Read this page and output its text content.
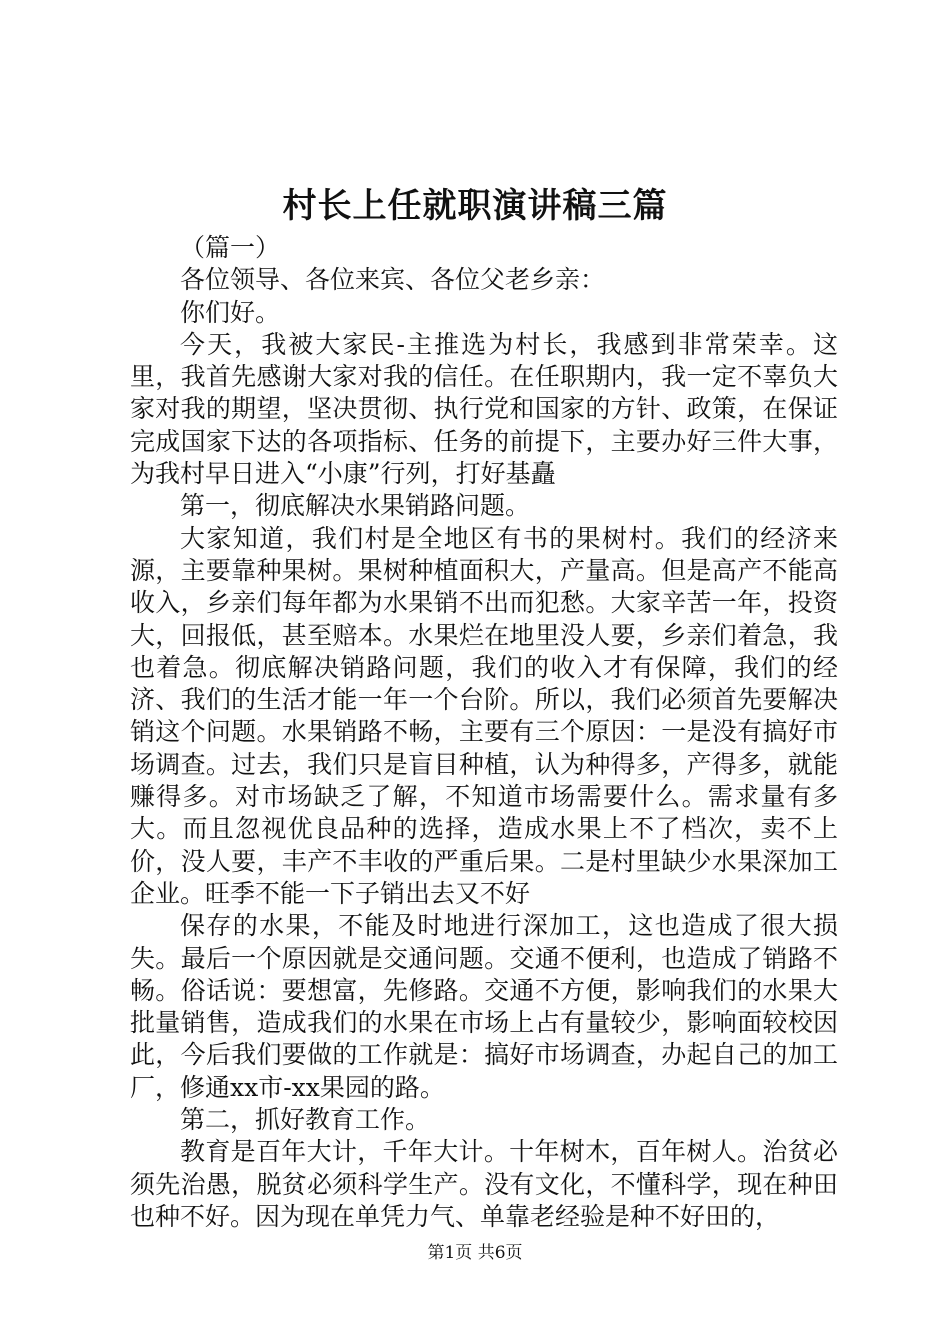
村长上任就职演讲稿三篇

（篇一）

各位领导、各位来宾、各位父老乡亲：

你们好。

今天，我被大家民-主推选为村长，我感到非常荣幸。这里，我首先感谢大家对我的信任。在任职期内，我一定不辜负大家对我的期望，坚决贯彻、执行党和国家的方针、政策，在保证完成国家下达的各项指标、任务的前提下，主要办好三件大事，为我村早日进入“小康”行列，打好基矗

第一，彻底解决水果销路问题。

大家知道，我们村是全地区有书的果树村。我们的经济来源，主要靠种果树。果树种植面积大，产量高。但是高产不能高收入，乡亲们每年都为水果销不出而犯愁。大家辛苦一年，投资大，回报低，甚至赔本。水果烂在地里没人要，乡亲们着急，我也着急。彻底解决销路问题，我们的收入才有保障，我们的经济、我们的生活才能一年一个台阶。所以，我们必须首先要解决销这个问题。水果销路不畅，主要有三个原因：一是没有搞好市场调查。过去，我们只是盲目种植，认为种得多，产得多，就能赚得多。对市场缺乏了解，不知道市场需要什么。需求量有多大。而且忽视优良品种的选择，造成水果上不了档次，卖不上价，没人要，丰产不丰收的严重后果。二是村里缺少水果深加工企业。旺季不能一下子销出去又不好

保存的水果，不能及时地进行深加工，这也造成了很大损失。最后一个原因就是交通问题。交通不便利，也造成了销路不畅。俗话说：要想富，先修路。交通不方便，影响我们的水果大批量销售，造成我们的水果在市场上占有量较少，影响面较校因此，今后我们要做的工作就是：搞好市场调查，办起自己的加工厂，修通xx市-xx果园的路。

第二，抓好教育工作。

教育是百年大计，千年大计。十年树木，百年树人。治贫必须先治愚，脱贫必须科学生产。没有文化，不懂科学，现在种田也种不好。因为现在单凭力气、单靠老经验是种不好田的，

第1页 共6页
